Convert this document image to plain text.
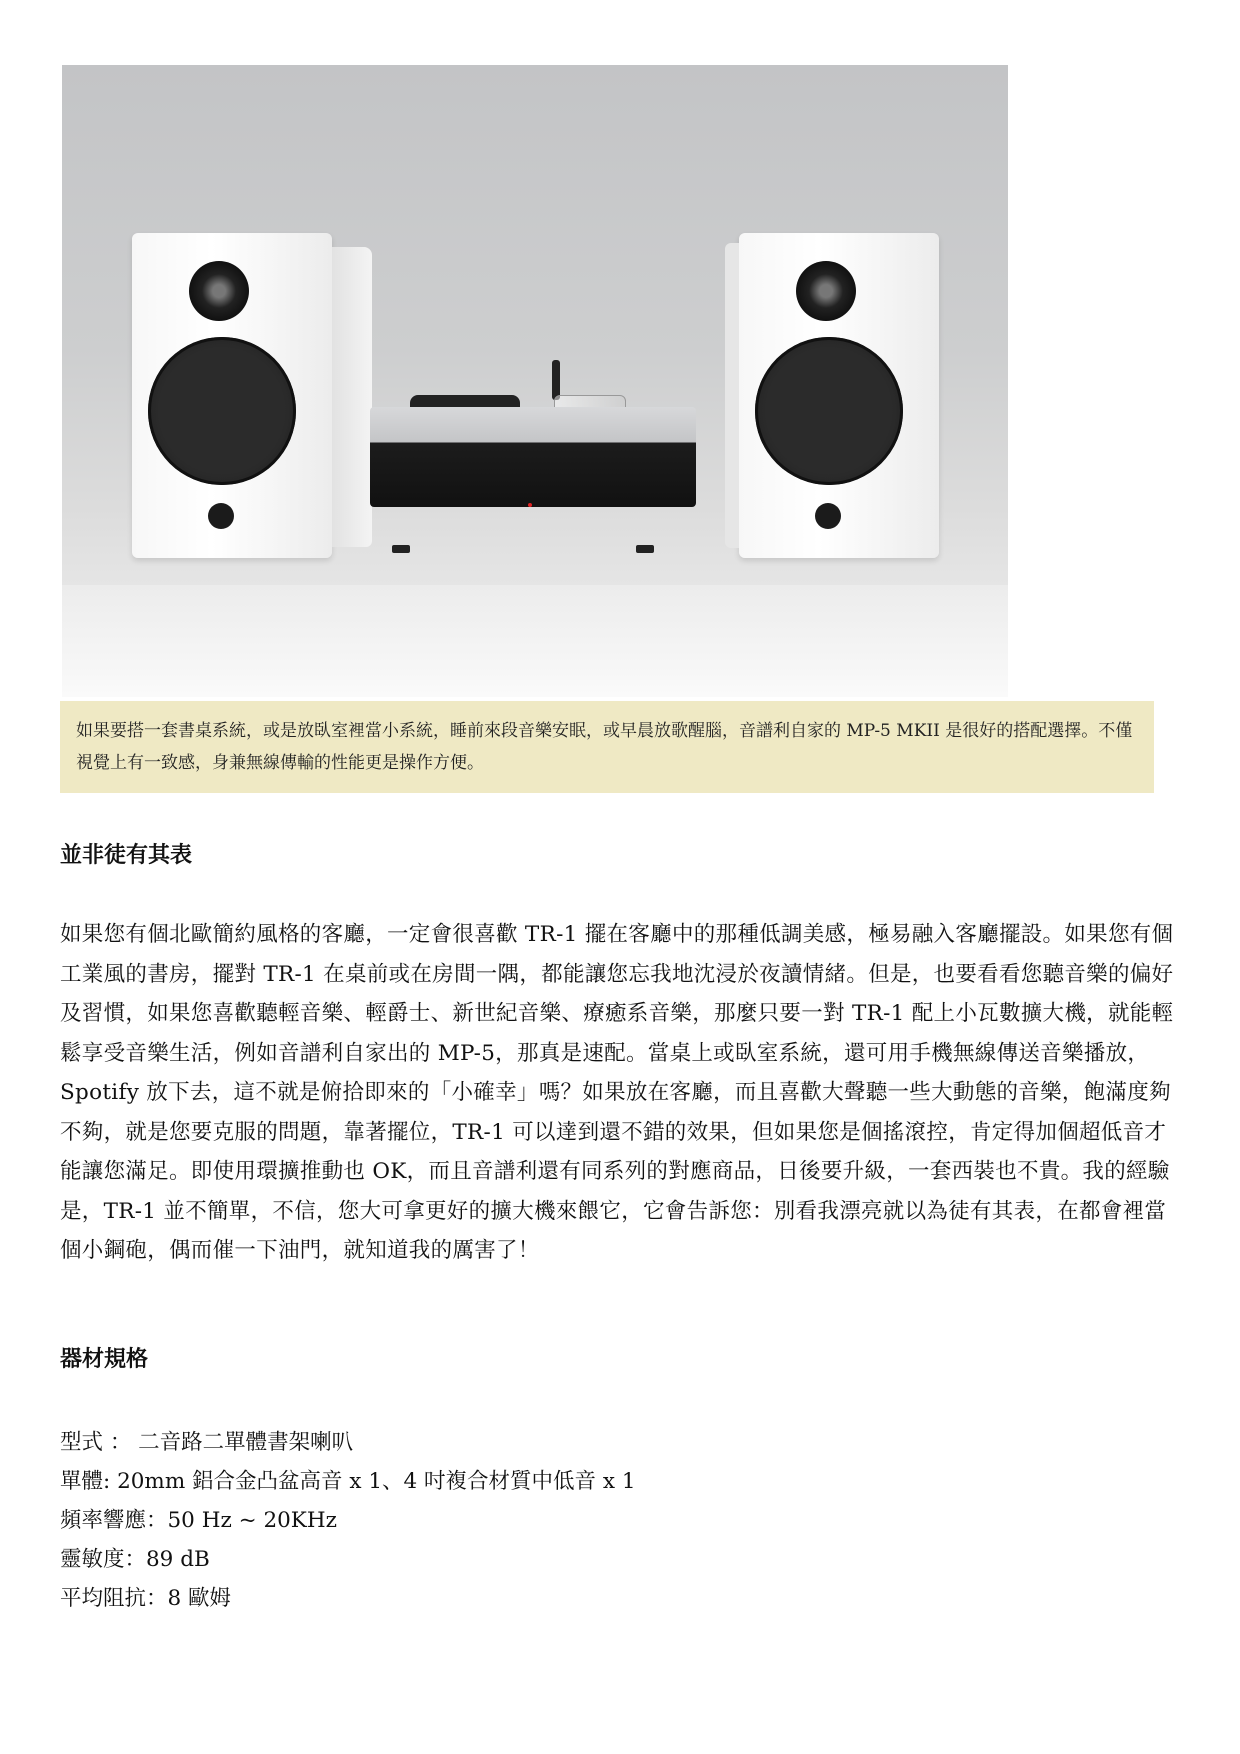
如果要搭一套書桌系統，或是放臥室裡當小系統，睡前來段音樂安眠，或早晨放歌醒腦，音譜利自家的 MP-5 MKII 是很好的搭配選擇。不僅視覺上有一致感，身兼無線傳輸的性能更是操作方便。
並非徒有其表

如果您有個北歐簡約風格的客廳，一定會很喜歡 TR-1 擺在客廳中的那種低調美感，極易融入客廳擺設。如果您有個工業風的書房，擺對 TR-1 在桌前或在房間一隅，都能讓您忘我地沈浸於夜讀情緒。但是，也要看看您聽音樂的偏好及習慣，如果您喜歡聽輕音樂、輕爵士、新世紀音樂、療癒系音樂，那麼只要一對 TR-1 配上小瓦數擴大機，就能輕鬆享受音樂生活，例如音譜利自家出的 MP-5，那真是速配。當桌上或臥室系統，還可用手機無線傳送音樂播放，Spotify 放下去，這不就是俯拾即來的「小確幸」嗎？如果放在客廳，而且喜歡大聲聽一些大動態的音樂，飽滿度夠不夠，就是您要克服的問題，靠著擺位，TR-1 可以達到還不錯的效果，但如果您是個搖滾控，肯定得加個超低音才能讓您滿足。即使用環擴推動也 OK，而且音譜利還有同系列的對應商品，日後要升級，一套西裝也不貴。我的經驗是，TR-1 並不簡單，不信，您大可拿更好的擴大機來餵它，它會告訴您：別看我漂亮就以為徒有其表，在都會裡當個小鋼砲，偶而催一下油門，就知道我的厲害了！

器材規格
型式 ： 二音路二單體書架喇叭
單體: 20mm 鋁合金凸盆高音 x 1、4 吋複合材質中低音 x 1
頻率響應：50 Hz ~ 20KHz
靈敏度：89 dB
平均阻抗：8 歐姆
